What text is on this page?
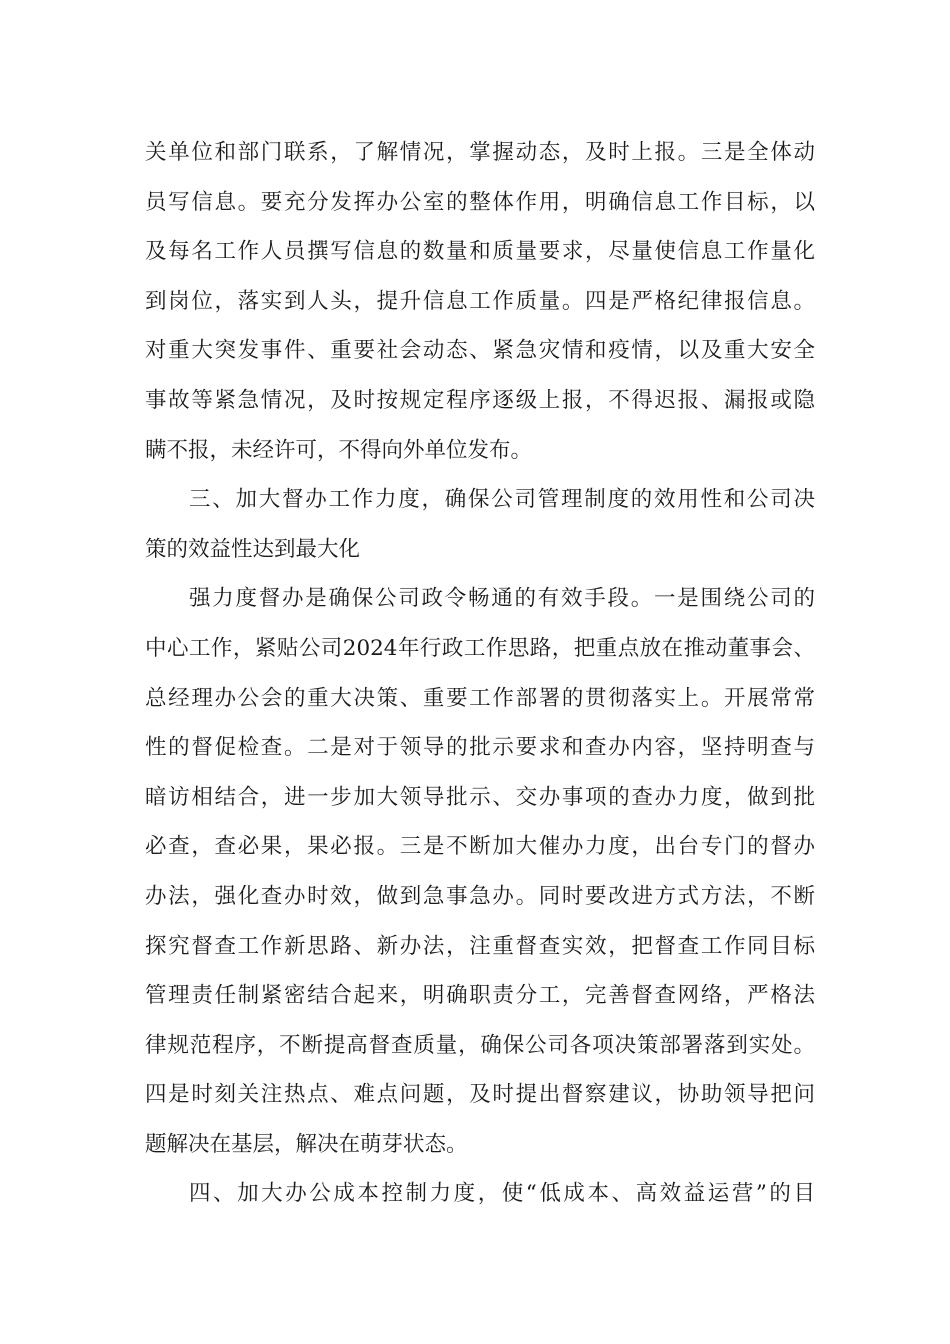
关单位和部门联系，了解情况，掌握动态，及时上报。三是全体动
员写信息。要充分发挥办公室的整体作用，明确信息工作目标，以
及每名工作人员撰写信息的数量和质量要求，尽量使信息工作量化
到岗位，落实到人头，提升信息工作质量。四是严格纪律报信息。
对重大突发事件、重要社会动态、紧急灾情和疫情，以及重大安全
事故等紧急情况，及时按规定程序逐级上报，不得迟报、漏报或隐
瞒不报，未经许可，不得向外单位发布。
三、加大督办工作力度，确保公司管理制度的效用性和公司决
策的效益性达到最大化
强力度督办是确保公司政令畅通的有效手段。一是围绕公司的
中心工作，紧贴公司2024年行政工作思路，把重点放在推动董事会、
总经理办公会的重大决策、重要工作部署的贯彻落实上。开展常常
性的督促检查。二是对于领导的批示要求和查办内容，坚持明查与
暗访相结合，进一步加大领导批示、交办事项的查办力度，做到批
必查，查必果，果必报。三是不断加大催办力度，出台专门的督办
办法，强化查办时效，做到急事急办。同时要改进方式方法，不断
探究督查工作新思路、新办法，注重督查实效，把督查工作同目标
管理责任制紧密结合起来，明确职责分工，完善督查网络，严格法
律规范程序，不断提高督查质量，确保公司各项决策部署落到实处。
四是时刻关注热点、难点问题，及时提出督察建议，协助领导把问
题解决在基层，解决在萌芽状态。
四、加大办公成本控制力度，使“低成本、高效益运营”的目
